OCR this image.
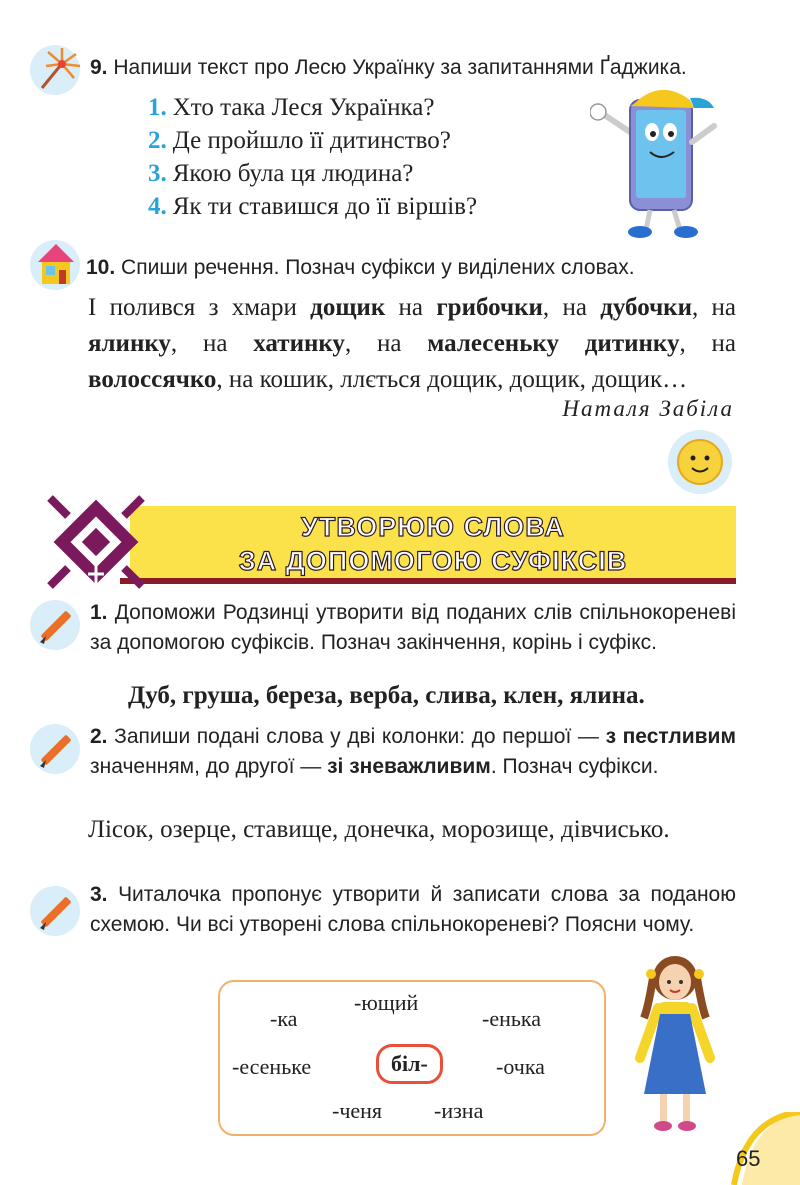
9. Напиши текст про Лесю Українку за запитаннями Ґаджика.
1. Хто така Леся Українка?
2. Де пройшло її дитинство?
3. Якою була ця людина?
4. Як ти ставишся до її віршів?
10. Спиши речення. Познач суфікси у виділених словах.
І полився з хмари дощик на грибочки, на дубочки, на ялинку, на хатинку, на малесеньку дитинку, на волоссячко, на кошик, ллється дощик, дощик, дощик…
Наталя Забіла
УТВОРЮЮ СЛОВА
ЗА ДОПОМОГОЮ СУФІКСІВ
1. Допоможи Родзинці утворити від поданих слів спільнокореневі за допомогою суфіксів. Познач закінчення, корінь і суфікс.
Дуб, груша, береза, верба, слива, клен, ялина.
2. Запиши подані слова у дві колонки: до першої — з пестливим значенням, до другої — зі зневажливим. Познач суфікси.
Лісок, озерце, ставище, донечка, морозище, дівчисько.
3. Читалочка пропонує утворити й записати слова за поданою схемою. Чи всі утворені слова спільнокореневі? Поясни чому.
-ющий
-ка	-енька
-есеньке	біл-	-очка
-ченя -изна
65
